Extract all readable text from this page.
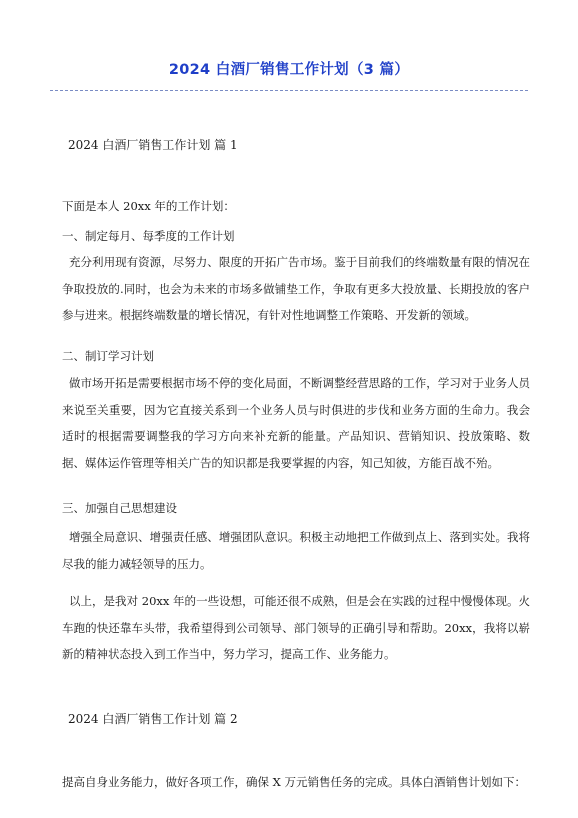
2024 白酒厂销售工作计划（3 篇）
2024 白酒厂销售工作计划 篇 1
下面是本人 20xx 年的工作计划：
一、制定每月、每季度的工作计划
充分利用现有资源，尽努力、限度的开拓广告市场。鉴于目前我们的终端数量有限的情况在争取投放的.同时，也会为未来的市场多做铺垫工作，争取有更多大投放量、长期投放的客户参与进来。根据终端数量的增长情况，有针对性地调整工作策略、开发新的领域。
二、制订学习计划
做市场开拓是需要根据市场不停的变化局面，不断调整经营思路的工作，学习对于业务人员来说至关重要，因为它直接关系到一个业务人员与时俱进的步伐和业务方面的生命力。我会适时的根据需要调整我的学习方向来补充新的能量。产品知识、营销知识、投放策略、数据、媒体运作管理等相关广告的知识都是我要掌握的内容，知己知彼，方能百战不殆。
三、加强自己思想建设
增强全局意识、增强责任感、增强团队意识。积极主动地把工作做到点上、落到实处。我将尽我的能力减轻领导的压力。
以上，是我对 20xx 年的一些设想，可能还很不成熟，但是会在实践的过程中慢慢体现。火车跑的快还靠车头带，我希望得到公司领导、部门领导的正确引导和帮助。20xx，我将以崭新的精神状态投入到工作当中，努力学习，提高工作、业务能力。
2024 白酒厂销售工作计划 篇 2
提高自身业务能力，做好各项工作，确保 X 万元销售任务的完成。具体白酒销售计划如下：
